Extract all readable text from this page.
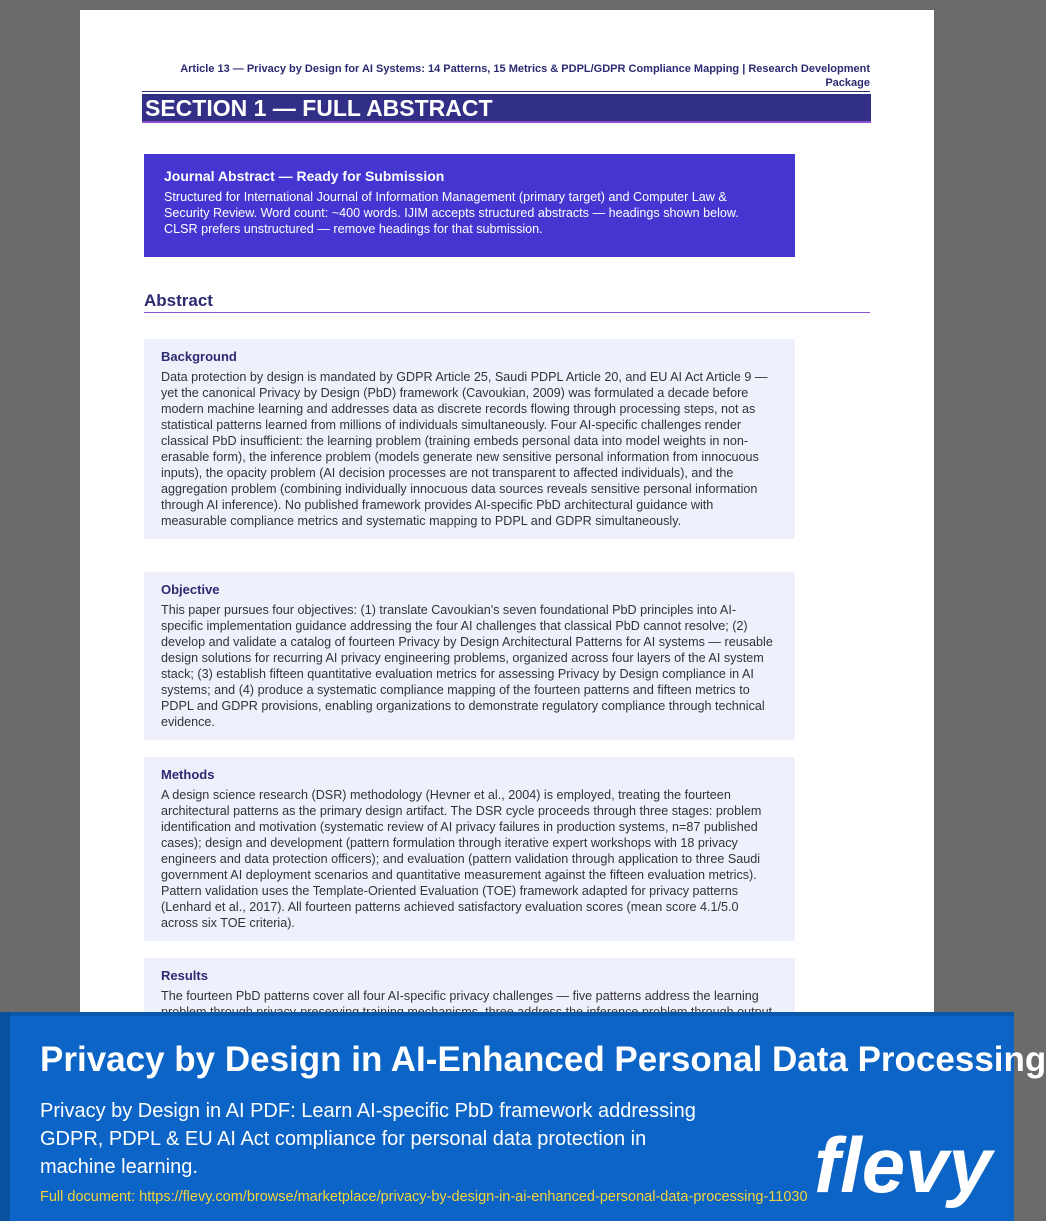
Article 13 — Privacy by Design for AI Systems: 14 Patterns, 15 Metrics & PDPL/GDPR Compliance Mapping | Research Development Package
SECTION 1 — FULL ABSTRACT
Journal Abstract — Ready for Submission
Structured for International Journal of Information Management (primary target) and Computer Law & Security Review. Word count: ~400 words. IJIM accepts structured abstracts — headings shown below. CLSR prefers unstructured — remove headings for that submission.
Abstract
Background
Data protection by design is mandated by GDPR Article 25, Saudi PDPL Article 20, and EU AI Act Article 9 — yet the canonical Privacy by Design (PbD) framework (Cavoukian, 2009) was formulated a decade before modern machine learning and addresses data as discrete records flowing through processing steps, not as statistical patterns learned from millions of individuals simultaneously. Four AI-specific challenges render classical PbD insufficient: the learning problem (training embeds personal data into model weights in non-erasable form), the inference problem (models generate new sensitive personal information from innocuous inputs), the opacity problem (AI decision processes are not transparent to affected individuals), and the aggregation problem (combining individually innocuous data sources reveals sensitive personal information through AI inference). No published framework provides AI-specific PbD architectural guidance with measurable compliance metrics and systematic mapping to PDPL and GDPR simultaneously.
Objective
This paper pursues four objectives: (1) translate Cavoukian's seven foundational PbD principles into AI-specific implementation guidance addressing the four AI challenges that classical PbD cannot resolve; (2) develop and validate a catalog of fourteen Privacy by Design Architectural Patterns for AI systems — reusable design solutions for recurring AI privacy engineering problems, organized across four layers of the AI system stack; (3) establish fifteen quantitative evaluation metrics for assessing Privacy by Design compliance in AI systems; and (4) produce a systematic compliance mapping of the fourteen patterns and fifteen metrics to PDPL and GDPR provisions, enabling organizations to demonstrate regulatory compliance through technical evidence.
Methods
A design science research (DSR) methodology (Hevner et al., 2004) is employed, treating the fourteen architectural patterns as the primary design artifact. The DSR cycle proceeds through three stages: problem identification and motivation (systematic review of AI privacy failures in production systems, n=87 published cases); design and development (pattern formulation through iterative expert workshops with 18 privacy engineers and data protection officers); and evaluation (pattern validation through application to three Saudi government AI deployment scenarios and quantitative measurement against the fifteen evaluation metrics). Pattern validation uses the Template-Oriented Evaluation (TOE) framework adapted for privacy patterns (Lenhard et al., 2017). All fourteen patterns achieved satisfactory evaluation scores (mean score 4.1/5.0 across six TOE criteria).
Results
The fourteen PbD patterns cover all four AI-specific privacy challenges — five patterns address the learning
Privacy by Design in AI-Enhanced Personal Data Processing
Privacy by Design in AI PDF: Learn AI-specific PbD framework addressing GDPR, PDPL & EU AI Act compliance for personal data protection in machine learning.
Full document: https://flevy.com/browse/marketplace/privacy-by-design-in-ai-enhanced-personal-data-processing-11030 flevy
